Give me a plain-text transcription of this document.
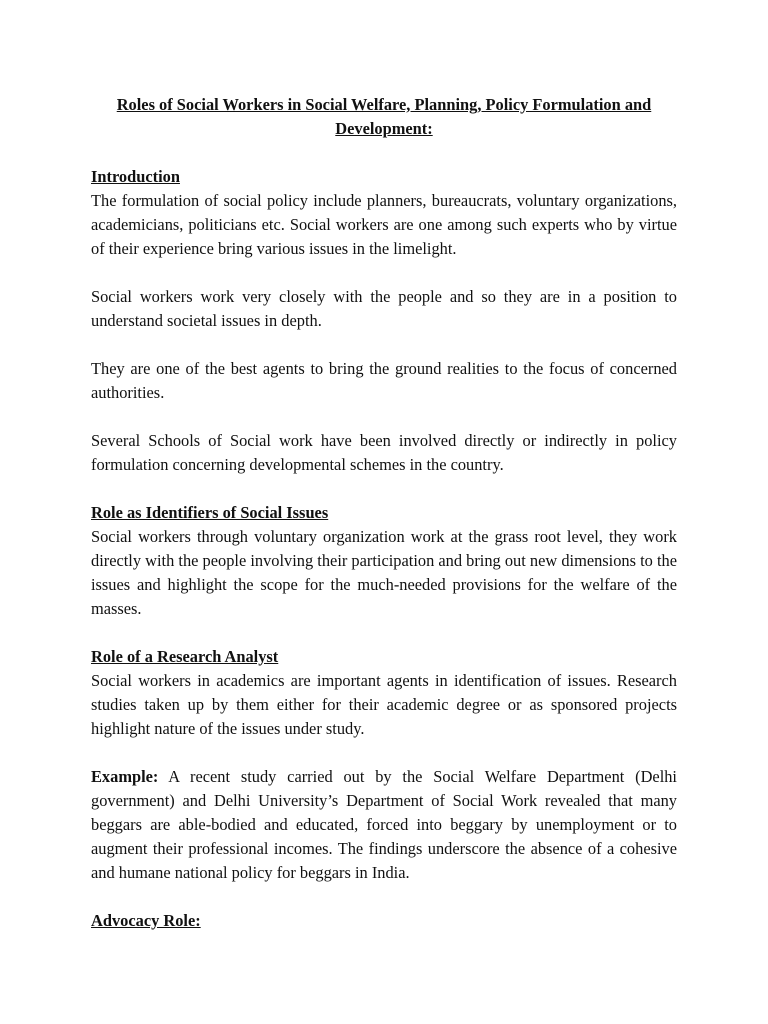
Roles of Social Workers in Social Welfare, Planning, Policy Formulation and Development:
Introduction

The formulation of social policy include planners, bureaucrats, voluntary organizations, academicians, politicians etc. Social workers are one among such experts who by virtue of their experience bring various issues in the limelight.

Social workers work very closely with the people and so they are in a position to understand societal issues in depth.

They are one of the best agents to bring the ground realities to the focus of concerned authorities.

Several Schools of Social work have been involved directly or indirectly in policy formulation concerning developmental schemes in the country.

Role as Identifiers of Social Issues

Social workers through voluntary organization work at the grass root level, they work directly with the people involving their participation and bring out new dimensions to the issues and highlight the scope for the much-needed provisions for the welfare of the masses.

Role of a Research Analyst

Social workers in academics are important agents in identification of issues. Research studies taken up by them either for their academic degree or as sponsored projects highlight nature of the issues under study.

Example: A recent study carried out by the Social Welfare Department (Delhi government) and Delhi University’s Department of Social Work revealed that many beggars are able-bodied and educated, forced into beggary by unemployment or to augment their professional incomes. The findings underscore the absence of a cohesive and humane national policy for beggars in India.

Advocacy Role:
